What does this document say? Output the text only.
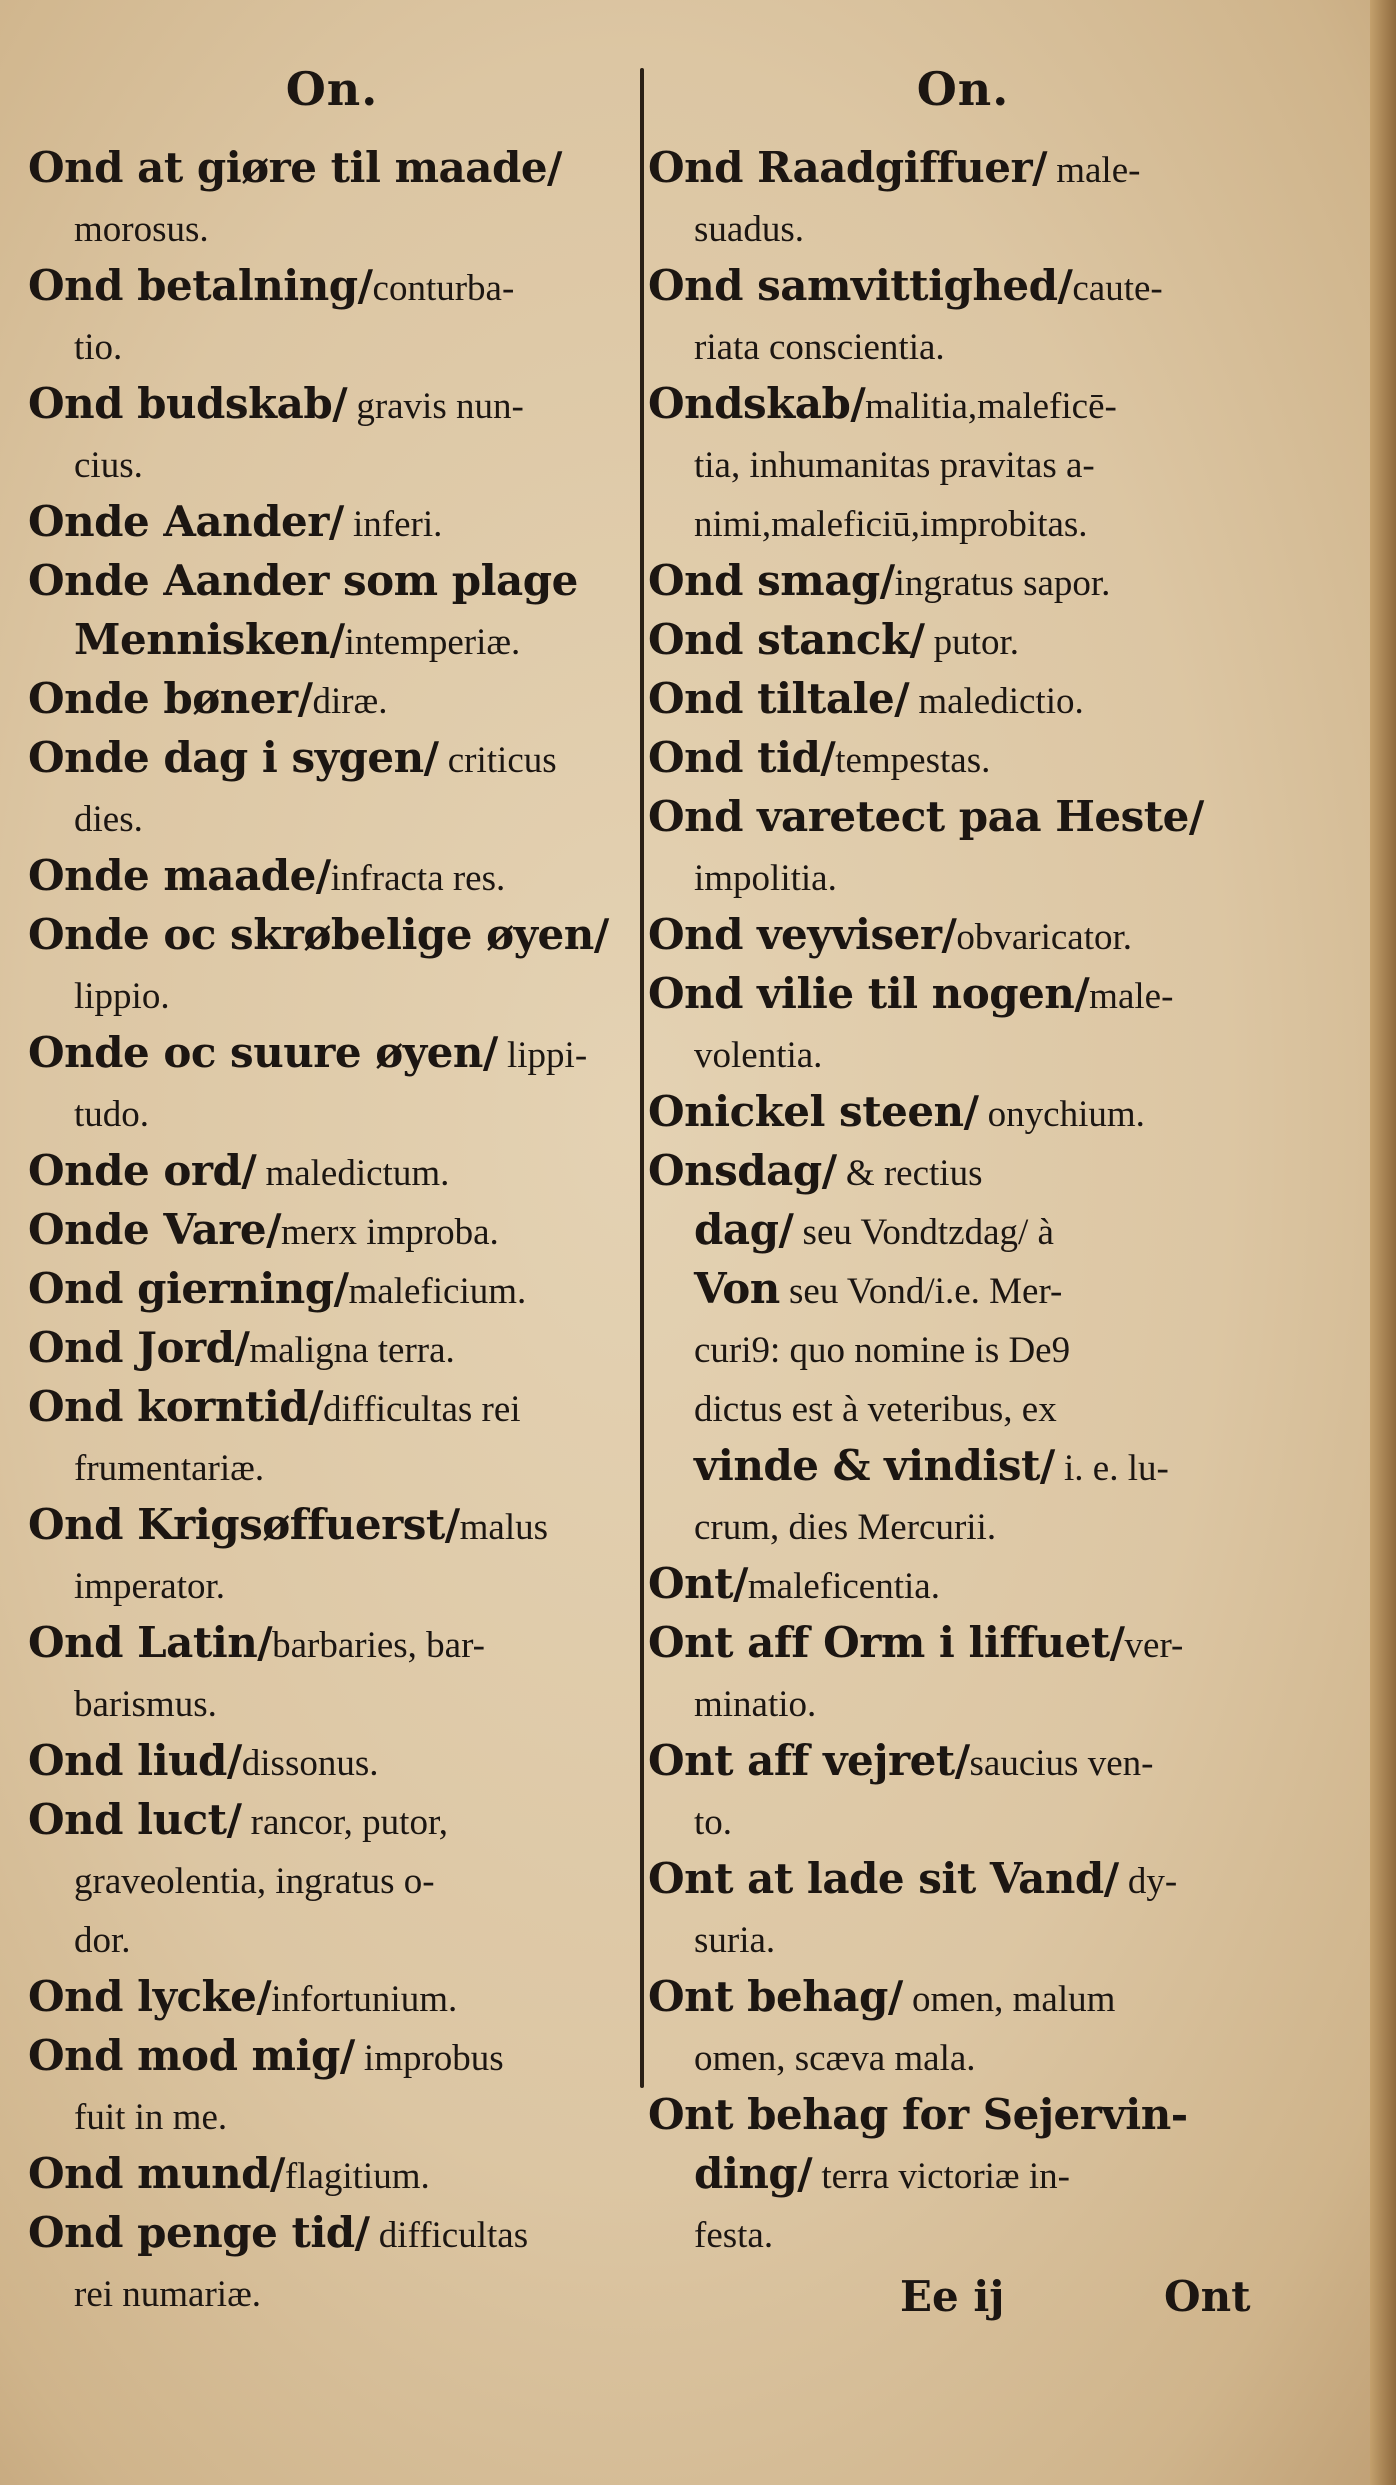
On.
Ond at giøre til maade/
morosus.
Ond betalning/conturba-
tio.
Ond budskab/ gravis nun-
cius.
Onde Aander/ inferi.
Onde Aander som plage
Mennisken/intemperiæ.
Onde bøner/diræ.
Onde dag i sygen/ criticus
dies.
Onde maade/infracta res.
Onde oc skrøbelige øyen/
lippio.
Onde oc suure øyen/ lippi-
tudo.
Onde ord/ maledictum.
Onde Vare/merx improba.
Ond gierning/maleficium.
Ond Jord/maligna terra.
Ond korntid/difficultas rei
frumentariæ.
Ond Krigsøffuerst/malus
imperator.
Ond Latin/barbaries, bar-
barismus.
Ond liud/dissonus.
Ond luct/ rancor, putor,
graveolentia, ingratus o-
dor.
Ond lycke/infortunium.
Ond mod mig/ improbus
fuit in me.
Ond mund/flagitium.
Ond penge tid/ difficultas
rei numariæ.
On.
Ond Raadgiffuer/ male-
suadus.
Ond samvittighed/caute-
riata conscientia.
Ondskab/malitia,maleficē-
tia, inhumanitas pravitas a-
nimi,maleficiū,improbitas.
Ond smag/ingratus sapor.
Ond stanck/ putor.
Ond tiltale/ maledictio.
Ond tid/tempestas.
Ond varetect paa Heste/
impolitia.
Ond veyviser/obvaricator.
Ond vilie til nogen/male-
volentia.
Onickel steen/ onychium.
Onsdag/ & rectius
dag/ seu Vondtzdag/ à
Von seu Vond/i.e. Mer-
curi9: quo nomine is De9
dictus est à veteribus, ex
vinde & vindist/ i. e. lu-
crum, dies Mercurii.
Ont/maleficentia.
Ont aff Orm i liffuet/ver-
minatio.
Ont aff vejret/saucius ven-
to.
Ont at lade sit Vand/ dy-
suria.
Ont behag/ omen, malum
omen, scæva mala.
Ont behag for Sejervin-
ding/ terra victoriæ in-
festa.
Ee ij	Ont
